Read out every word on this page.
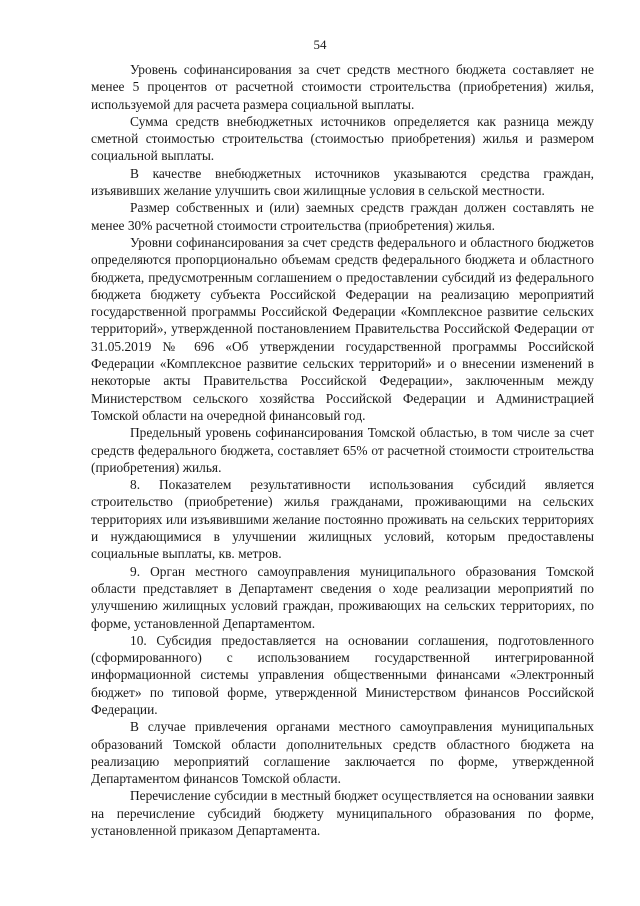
54

Уровень софинансирования за счет средств местного бюджета составляет не менее 5 процентов от расчетной стоимости строительства (приобретения) жилья, используемой для расчета размера социальной выплаты.

Сумма средств внебюджетных источников определяется как разница между сметной стоимостью строительства (стоимостью приобретения) жилья и размером социальной выплаты.

В качестве внебюджетных источников указываются средства граждан, изъявивших желание улучшить свои жилищные условия в сельской местности.

Размер собственных и (или) заемных средств граждан должен составлять не менее 30% расчетной стоимости строительства (приобретения) жилья.

Уровни софинансирования за счет средств федерального и областного бюджетов определяются пропорционально объемам средств федерального бюджета и областного бюджета, предусмотренным соглашением о предоставлении субсидий из федерального бюджета бюджету субъекта Российской Федерации на реализацию мероприятий государственной программы Российской Федерации «Комплексное развитие сельских территорий», утвержденной постановлением Правительства Российской Федерации от 31.05.2019 № 696 «Об утверждении государственной программы Российской Федерации «Комплексное развитие сельских территорий» и о внесении изменений в некоторые акты Правительства Российской Федерации», заключенным между Министерством сельского хозяйства Российской Федерации и Администрацией Томской области на очередной финансовый год.

Предельный уровень софинансирования Томской областью, в том числе за счет средств федерального бюджета, составляет 65% от расчетной стоимости строительства (приобретения) жилья.

8. Показателем результативности использования субсидий является строительство (приобретение) жилья гражданами, проживающими на сельских территориях или изъявившими желание постоянно проживать на сельских территориях и нуждающимися в улучшении жилищных условий, которым предоставлены социальные выплаты, кв. метров.

9. Орган местного самоуправления муниципального образования Томской области представляет в Департамент сведения о ходе реализации мероприятий по улучшению жилищных условий граждан, проживающих на сельских территориях, по форме, установленной Департаментом.

10. Субсидия предоставляется на основании соглашения, подготовленного (сформированного) с использованием государственной интегрированной информационной системы управления общественными финансами «Электронный бюджет» по типовой форме, утвержденной Министерством финансов Российской Федерации.

В случае привлечения органами местного самоуправления муниципальных образований Томской области дополнительных средств областного бюджета на реализацию мероприятий соглашение заключается по форме, утвержденной Департаментом финансов Томской области.

Перечисление субсидии в местный бюджет осуществляется на основании заявки на перечисление субсидий бюджету муниципального образования по форме, установленной приказом Департамента.
